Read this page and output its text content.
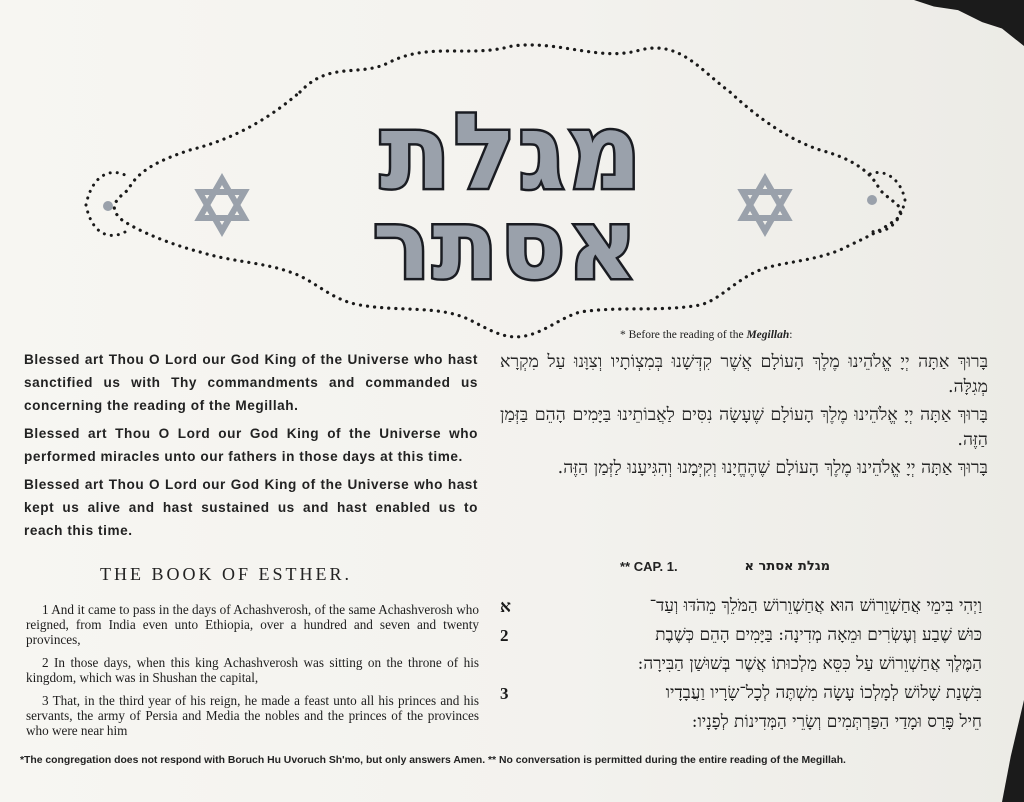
מגלת
אסתר
* Before the reading of the Megillah:

Blessed art Thou O Lord our God King of the Universe who hast sanctified us with Thy commandments and commanded us concerning the reading of the Megillah.

Blessed art Thou O Lord our God King of the Universe who performed miracles unto our fathers in those days at this time.

Blessed art Thou O Lord our God King of the Universe who hast kept us alive and hast sustained us and hast enabled us to reach this time.

בָּרוּךְ אַתָּה יְיָ אֱלֹהֵינוּ מֶלֶךְ הָעוֹלָם אֲשֶׁר קִדְּשָׁנוּ בְּמִצְוֹתָיו וְצִוָּנוּ עַל מִקְרָא מְגִלָּה.

בָּרוּךְ אַתָּה יְיָ אֱלֹהֵינוּ מֶלֶךְ הָעוֹלָם שֶׁעָשָׂה נִסִּים לַאֲבוֹתֵינוּ בַּיָּמִים הָהֵם בַּזְּמַן הַזֶּה.

בָּרוּךְ אַתָּה יְיָ אֱלֹהֵינוּ מֶלֶךְ הָעוֹלָם שֶׁהֶחֱיָנוּ וְקִיְּמָנוּ וְהִגִּיעָנוּ לַזְּמַן הַזֶּה.

THE BOOK OF ESTHER.	** CAP. 1.	מגלת אסתר א

1 And it came to pass in the days of Achashverosh, of the same Achashverosh who reigned, from India even unto Ethiopia, over a hundred and seven and twenty provinces,

2 In those days, when this king Achashverosh was sitting on the throne of his kingdom, which was in Shushan the capital,

3 That, in the third year of his reign, he made a feast unto all his princes and his servants, the army of Persia and Media the nobles and the princes of the provinces who were near him

וַיְהִי בִּימֵי אֲחַשְׁוֵרוֹשׁ הוּא אֲחַשְׁוֵרוֹשׁ הַמֹּלֵךְ מֵהֹדּוּ וְעַד־
א
כּוּשׁ שֶׁבַע וְעֶשְׂרִים וּמֵאָה מְדִינָה: בַּיָּמִים הָהֵם כְּשֶׁבֶת
2
הַמֶּלֶךְ אֲחַשְׁוֵרוֹשׁ עַל כִּסֵּא מַלְכוּתוֹ אֲשֶׁר בְּשׁוּשַׁן הַבִּירָה:
בִּשְׁנַת שָׁלוֹשׁ לְמָלְכוֹ עָשָׂה מִשְׁתֶּה לְכָל־שָׂרָיו וַעֲבָדָיו
3
חֵיל פָּרַס וּמָדַי הַפַּרְתְּמִים וְשָׂרֵי הַמְּדִינוֹת לְפָנָיו:
*The congregation does not respond with Boruch Hu Uvoruch Sh'mo, but only answers Amen. ** No conversation is permitted during the entire reading of the Megillah.
